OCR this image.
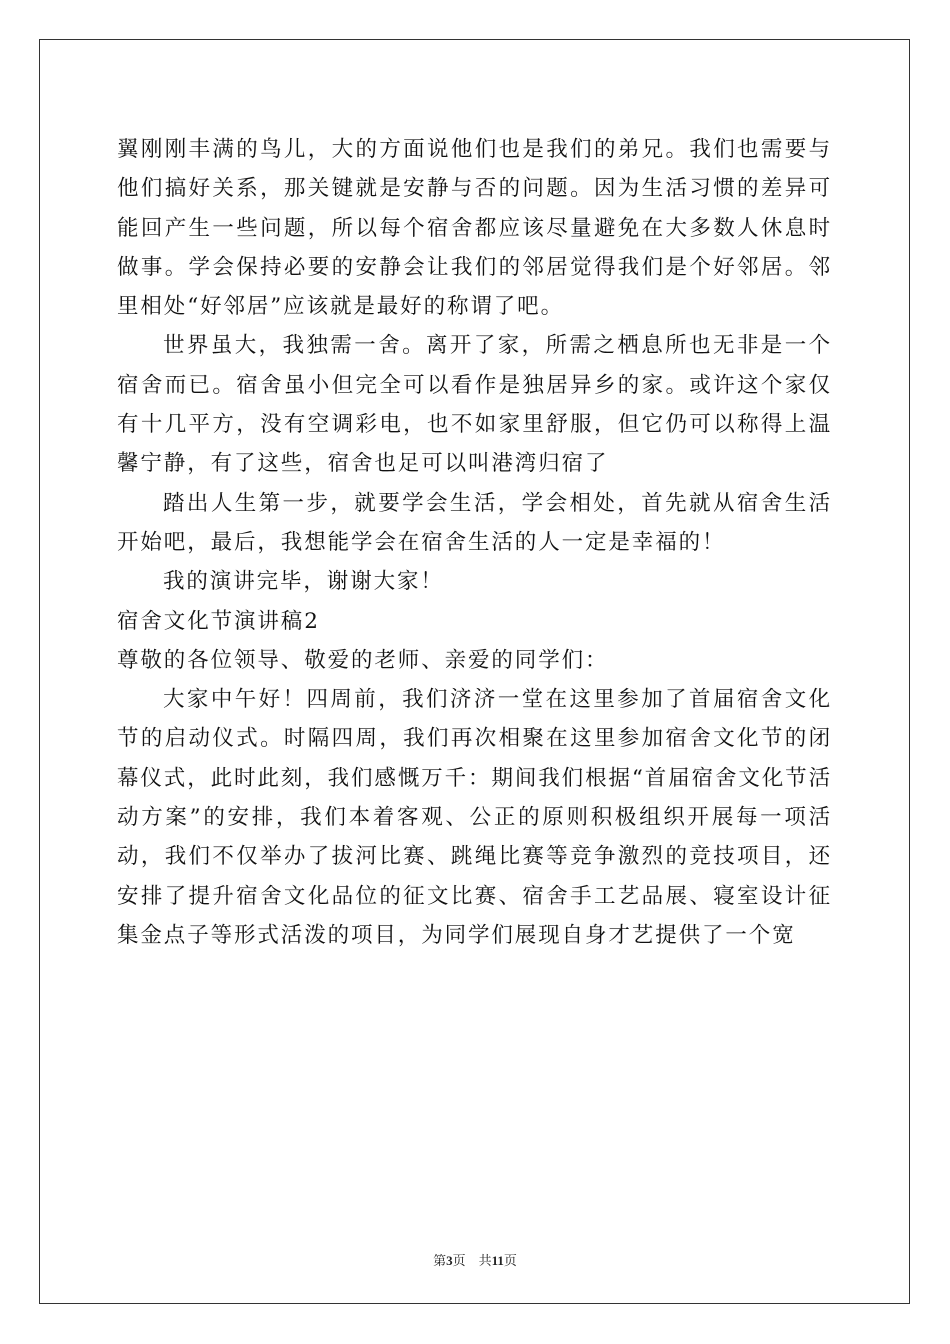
翼刚刚丰满的鸟儿，大的方面说他们也是我们的弟兄。我们也需要与他们搞好关系，那关键就是安静与否的问题。因为生活习惯的差异可能回产生一些问题，所以每个宿舍都应该尽量避免在大多数人休息时做事。学会保持必要的安静会让我们的邻居觉得我们是个好邻居。邻里相处“好邻居”应该就是最好的称谓了吧。

世界虽大，我独需一舍。离开了家，所需之栖息所也无非是一个宿舍而已。宿舍虽小但完全可以看作是独居异乡的家。或许这个家仅有十几平方，没有空调彩电，也不如家里舒服，但它仍可以称得上温馨宁静，有了这些，宿舍也足可以叫港湾归宿了

踏出人生第一步，就要学会生活，学会相处，首先就从宿舍生活开始吧，最后，我想能学会在宿舍生活的人一定是幸福的！

我的演讲完毕，谢谢大家！

宿舍文化节演讲稿2

尊敬的各位领导、敬爱的老师、亲爱的同学们：

大家中午好！四周前，我们济济一堂在这里参加了首届宿舍文化节的启动仪式。时隔四周，我们再次相聚在这里参加宿舍文化节的闭幕仪式，此时此刻，我们感慨万千：期间我们根据“首届宿舍文化节活动方案”的安排，我们本着客观、公正的原则积极组织开展每一项活动，我们不仅举办了拔河比赛、跳绳比赛等竞争激烈的竞技项目，还安排了提升宿舍文化品位的征文比赛、宿舍手工艺品展、寝室设计征集金点子等形式活泼的项目，为同学们展现自身才艺提供了一个宽

第3页 共11页
